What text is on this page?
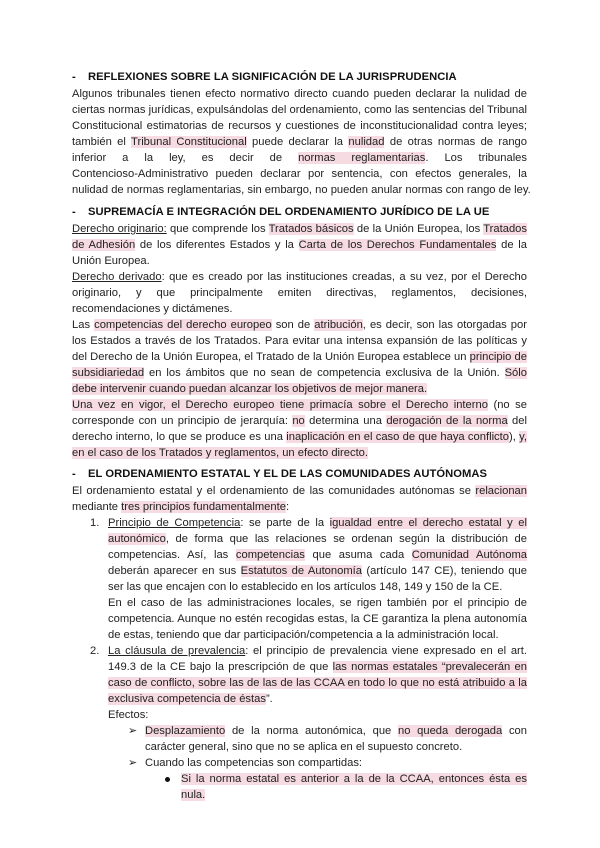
- REFLEXIONES SOBRE LA SIGNIFICACIÓN DE LA JURISPRUDENCIA
Algunos tribunales tienen efecto normativo directo cuando pueden declarar la nulidad de
ciertas normas jurídicas, expulsándolas del ordenamiento, como las sentencias del Tribunal
Constitucional estimatorias de recursos y cuestiones de inconstitucionalidad contra leyes;
también el Tribunal Constitucional puede declarar la nulidad de otras normas de rango
inferior a la ley, es decir de normas reglamentarias. Los tribunales
Contencioso-Administrativo pueden declarar por sentencia, con efectos generales, la
nulidad de normas reglamentarias, sin embargo, no pueden anular normas con rango de ley.
- SUPREMACÍA E INTEGRACIÓN DEL ORDENAMIENTO JURÍDICO DE LA UE
Derecho originario: que comprende los Tratados básicos de la Unión Europea, los Tratados
de Adhesión de los diferentes Estados y la Carta de los Derechos Fundamentales de la
Unión Europea.
Derecho derivado: que es creado por las instituciones creadas, a su vez, por el Derecho
originario, y que principalmente emiten directivas, reglamentos, decisiones,
recomendaciones y dictámenes.
Las competencias del derecho europeo son de atribución, es decir, son las otorgadas por
los Estados a través de los Tratados. Para evitar una intensa expansión de las políticas y
del Derecho de la Unión Europea, el Tratado de la Unión Europea establece un principio de
subsidiariedad en los ámbitos que no sean de competencia exclusiva de la Unión. Sólo
debe intervenir cuando puedan alcanzar los objetivos de mejor manera.
Una vez en vigor, el Derecho europeo tiene primacía sobre el Derecho interno (no se
corresponde con un principio de jerarquía: no determina una derogación de la norma del
derecho interno, lo que se produce es una inaplicación en el caso de que haya conflicto), y,
en el caso de los Tratados y reglamentos, un efecto directo.
- EL ORDENAMIENTO ESTATAL Y EL DE LAS COMUNIDADES AUTÓNOMAS
El ordenamiento estatal y el ordenamiento de las comunidades autónomas se relacionan
mediante tres principios fundamentalmente:
1. Principio de Competencia: se parte de la igualdad entre el derecho estatal y el
autonómico, de forma que las relaciones se ordenan según la distribución de
competencias. Así, las competencias que asuma cada Comunidad Autónoma
deberán aparecer en sus Estatutos de Autonomía (artículo 147 CE), teniendo que
ser las que encajen con lo establecido en los artículos 148, 149 y 150 de la CE.
En el caso de las administraciones locales, se rigen también por el principio de
competencia. Aunque no estén recogidas estas, la CE garantiza la plena autonomía
de estas, teniendo que dar participación/competencia a la administración local.
2. La cláusula de prevalencia: el principio de prevalencia viene expresado en el art.
149.3 de la CE bajo la prescripción de que las normas estatales “prevalecerán en
caso de conflicto, sobre las de las de las CCAA en todo lo que no está atribuido a la
exclusiva competencia de éstas”.
Efectos:
➢ Desplazamiento de la norma autonómica, que no queda derogada con
carácter general, sino que no se aplica en el supuesto concreto.
➢ Cuando las competencias son compartidas:
Si la norma estatal es anterior a la de la CCAA, entonces ésta es
nula.
